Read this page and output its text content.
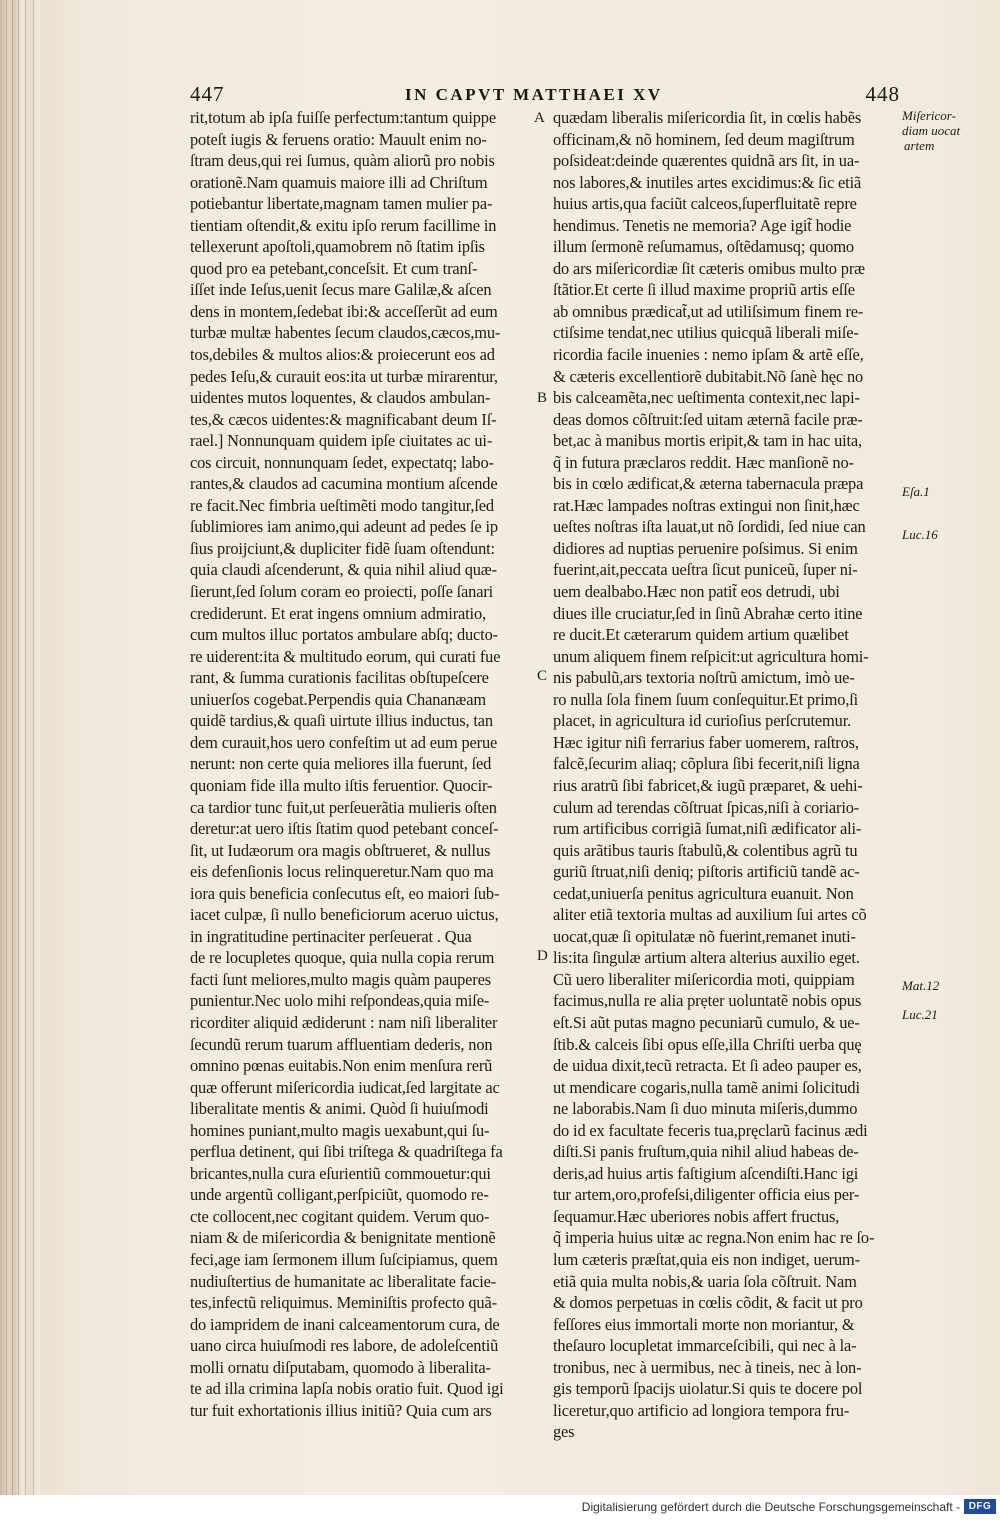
447	IN CAPVT MATTHAEI XV	448
rit,totum ab ipſa fuiſſe perfectum:tantum quippe
poteſt iugis & feruens oratio: Mauult enim no-
ſtram deus,qui rei ſumus, quàm aliorũ pro nobis
orationẽ.Nam quamuis maiore illi ad Chriſtum
potiebantur libertate,magnam tamen mulier pa-
tientiam oſtendit,& exitu ipſo rerum facillime in
tellexerunt apoſtoli,quamobrem nõ ſtatim ipſis
quod pro ea petebant,conceſsit. Et cum tranſ-
iſſet inde Ieſus,uenit ſecus mare Galilæ,& aſcen
dens in montem,ſedebat ibi:& acceſſerũt ad eum
turbæ multæ habentes ſecum claudos,cæcos,mu-
tos,debiles & multos alios:& proiecerunt eos ad
pedes Ieſu,& curauit eos:ita ut turbæ mirarentur,
uidentes mutos loquentes, & claudos ambulan-
tes,& cæcos uidentes:& magnificabant deum Iſ-
rael.] Nonnunquam quidem ipſe ciuitates ac ui-
cos circuit, nonnunquam ſedet, expectatq; labo-
rantes,& claudos ad cacumina montium aſcende
re facit.Nec fimbria ueſtimẽti modo tangitur,ſed
ſublimiores iam animo,qui adeunt ad pedes ſe ip
ſius proijciunt,& dupliciter fidẽ ſuam oſtendunt:
quia claudi aſcenderunt, & quia nihil aliud quæ-
ſierunt,ſed ſolum coram eo proiecti, poſſe ſanari
crediderunt. Et erat ingens omnium admiratio,
cum multos illuc portatos ambulare abſq; ducto-
re uiderent:ita & multitudo eorum, qui curati fue
rant, & ſumma curationis facilitas obſtupeſcere
uniuerſos cogebat.Perpendis quia Chananæam
quidẽ tardius,& quaſi uirtute illius inductus, tan
dem curauit,hos uero confeſtim ut ad eum perue
nerunt: non certe quia meliores illa fuerunt, ſed
quoniam fide illa multo iſtis feruentior. Quocir-
ca tardior tunc fuit,ut perſeuerãtia mulieris oſten
deretur:at uero iſtis ſtatim quod petebant conceſ-
ſit, ut Iudæorum ora magis obſtrueret, & nullus
eis defenſionis locus relinqueretur.Nam quo ma
iora quis beneficia conſecutus eſt, eo maiori ſub-
iacet culpæ, ſi nullo beneficiorum aceruo uictus,
in ingratitudine pertinaciter perſeuerat . Qua
de re locupletes quoque, quia nulla copia rerum
facti ſunt meliores,multo magis quàm pauperes
punientur.Nec uolo mihi reſpondeas,quia miſe-
ricorditer aliquid ædiderunt : nam niſi liberaliter
ſecundũ rerum tuarum affluentiam dederis, non
omnino pœnas euitabis.Non enim menſura rerũ
quæ offerunt miſericordia iudicat,ſed largitate ac
liberalitate mentis & animi. Quòd ſi huiuſmodi
homines puniant,multo magis uexabunt,qui ſu-
perflua detinent, qui ſibi triſtega & quadriſtega fa
bricantes,nulla cura eſurientiũ commouetur:qui
unde argentũ colligant,perſpiciũt, quomodo re-
cte collocent,nec cogitant quidem. Verum quo-
niam & de miſericordia & benignitate mentionẽ
feci,age iam ſermonem illum ſuſcipiamus, quem
nudiuſtertius de humanitate ac liberalitate facie-
tes,infectũ reliquimus. Meminiſtis profecto quã-
do iampridem de inani calceamentorum cura, de
uano circa huiuſmodi res labore, de adoleſcentiũ
molli ornatu diſputabam, quomodo à liberalita-
te ad illa crimina lapſa nobis oratio fuit. Quod igi
tur fuit exhortationis illius initiũ? Quia cum ars
quædam liberalis miſericordia ſit, in cœlis habẽs
officinam,& nõ hominem, ſed deum magiſtrum
poſsideat:deinde quærentes quidnã ars ſit, in ua-
nos labores,& inutiles artes excidimus:& ſic etiã
huius artis,qua faciũt calceos,ſuperfluitatẽ repre
hendimus. Tenetis ne memoria? Age igit̃ hodie
illum ſermonẽ reſumamus, oſtẽdamusq; quomo
do ars miſericordiæ ſit cæteris omibus multo præ
ſtãtior.Et certe ſi illud maxime propriũ artis eſſe
ab omnibus prædicat̃,ut ad utiliſsimum finem re-
ctiſsime tendat,nec utilius quicquã liberali miſe-
ricordia facile inuenies : nemo ipſam & artẽ eſſe,
& cæteris excellentiorẽ dubitabit.Nõ ſanè hęc no
bis calceamẽta,nec ueſtimenta contexit,nec lapi-
deas domos cõſtruit:ſed uitam æternã facile præ-
bet,ac à manibus mortis eripit,& tam in hac uita,
q̃ in futura præclaros reddit. Hæc manſionẽ no-
bis in cœlo ædificat,& æterna tabernacula præpa
rat.Hæc lampades noſtras extingui non ſinit,hæc
ueſtes noſtras iſta lauat,ut nõ ſordidi, ſed niue can
didiores ad nuptias peruenire poſsimus. Si enim
fuerint,ait,peccata ueſtra ſicut puniceũ, ſuper ni-
uem dealbabo.Hæc non patit̃ eos detrudi, ubi
diues ille cruciatur,ſed in ſinũ Abrahæ certo itine
re ducit.Et cæterarum quidem artium quælibet
unum aliquem finem reſpicit:ut agricultura homi-
nis pabulũ,ars textoria noſtrũ amictum, imò ue-
ro nulla ſola finem ſuum conſequitur.Et primo,ſi
placet, in agricultura id curioſius perſcrutemur.
Hæc igitur niſi ferrarius faber uomerem, raſtros,
falcẽ,ſecurim aliaq; cõplura ſibi fecerit,niſi ligna
rius aratrũ ſibi fabricet,& iugũ præparet, & uehi-
culum ad terendas cõſtruat ſpicas,niſi à coriario-
rum artificibus corrigiã ſumat,niſi ædificator ali-
quis arãtibus tauris ſtabulũ,& colentibus agrũ tu
guriũ ſtruat,niſi deniq; piſtoris artificiũ tandẽ ac-
cedat,uniuerſa penitus agricultura euanuit. Non
aliter etiã textoria multas ad auxilium ſui artes cõ
uocat,quæ ſi opitulatæ nõ fuerint,remanet inuti-
lis:ita ſingulæ artium altera alterius auxilio eget.
Cũ uero liberaliter miſericordia moti, quippiam
facimus,nulla re alia prẹter uoluntatẽ nobis opus
eſt.Si aũt putas magno pecuniarũ cumulo, & ue-
ſtib.& calceis ſibi opus eſſe,illa Chriſti uerba quę
de uidua dixit,tecũ retracta. Et ſi adeo pauper es,
ut mendicare cogaris,nulla tamẽ animi ſolicitudi
ne laborabis.Nam ſi duo minuta miſeris,dummo
do id ex facultate feceris tua,pręclarũ facinus ædi
diſti.Si panis fruſtum,quia nihil aliud habeas de-
deris,ad huius artis faſtigium aſcendiſti.Hanc igi
tur artem,oro,profeſsi,diligenter officia eius per-
ſequamur.Hæc uberiores nobis affert fructus,
q̃ imperia huius uitæ ac regna.Non enim hac re ſo-
lum cæteris præſtat,quia eis non indiget, uerum-
etiã quia multa nobis,& uaria ſola cõſtruit. Nam
& domos perpetuas in cœlis cõdit, & facit ut pro
feſſores eius immortali morte non moriantur, &
theſauro locupletat immarceſcibili, qui nec à la-
tronibus, nec à uermibus, nec à tineis, nec à lon-
gis temporũ ſpacijs uiolatur.Si quis te docere pol
liceretur,quo artificio ad longiora tempora fru-
ges
A
B
C
D
Miſericor-
diam uocat
artem
Eſa.1
Luc.16
Mat.12
Luc.21
Digitalisierung gefördert durch die Deutsche Forschungsgemeinschaft - DFG
